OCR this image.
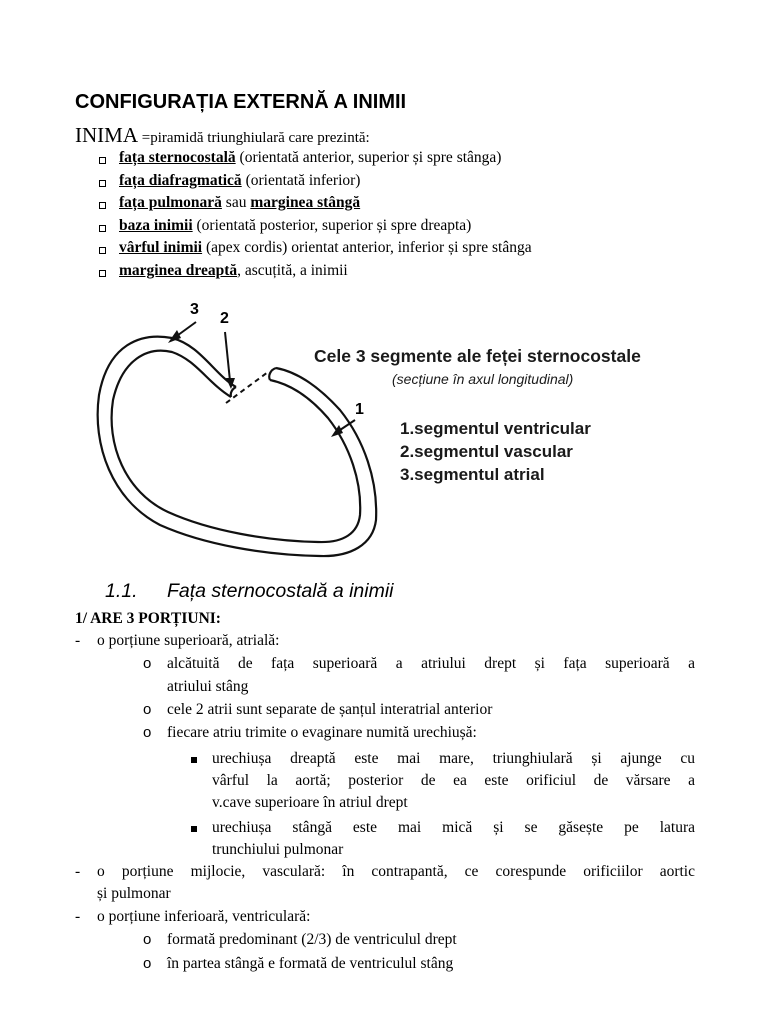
CONFIGURAȚIA EXTERNĂ A INIMII
INIMA =piramidă triunghiulară care prezintă:
fața sternocostală (orientată anterior, superior și spre stânga)
fața diafragmatică (orientată inferior)
fața pulmonară sau marginea stângă
baza inimii (orientată posterior, superior și spre dreapta)
vârful inimii (apex cordis) orientat anterior, inferior și spre stânga
marginea dreaptă, ascuțită, a inimii
3
2
1
Cele 3 segmente ale feței sternocostale
(secțiune în axul longitudinal)
1.segmentul ventricular
2.segmentul vascular
3.segmentul atrial
1.1. Fața sternocostală a inimii
1/ ARE 3 PORȚIUNI:
- o porțiune superioară, atrială:
o alcătuită de fața superioară a atriului drept și fața superioară a
atriului stâng
o cele 2 atrii sunt separate de șanțul interatrial anterior
o fiecare atriu trimite o evaginare numită urechiușă:
urechiușa dreaptă este mai mare, triunghiulară și ajunge cu
vârful la aortă; posterior de ea este orificiul de vărsare a
v.cave superioare în atriul drept
urechiușa stângă este mai mică și se găsește pe latura
trunchiului pulmonar
- o porțiune mijlocie, vasculară: în contrapantă, ce corespunde orificiilor aortic
și pulmonar
- o porțiune inferioară, ventriculară:
o formată predominant (2/3) de ventriculul drept
o în partea stângă e formată de ventriculul stâng
